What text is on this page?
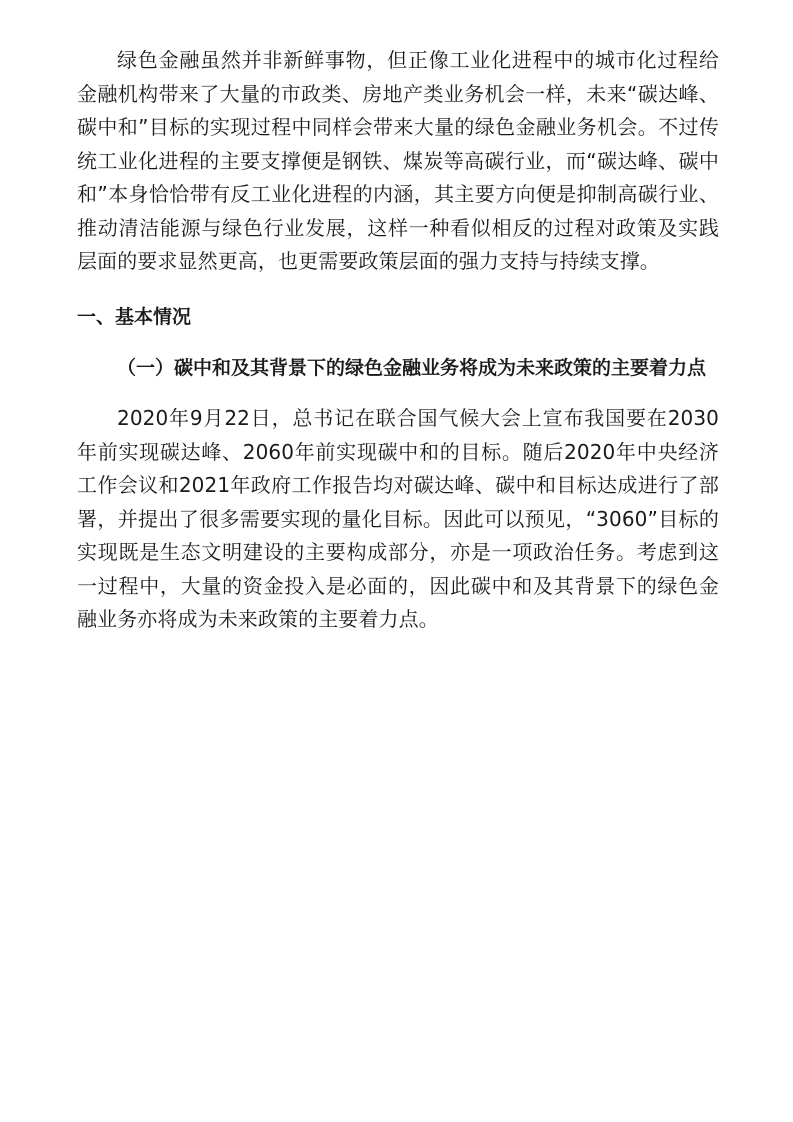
绿色金融虽然并非新鲜事物，但正像工业化进程中的城市化过程给金融机构带来了大量的市政类、房地产类业务机会一样，未来“碳达峰、碳中和”目标的实现过程中同样会带来大量的绿色金融业务机会。不过传统工业化进程的主要支撑便是钢铁、煤炭等高碳行业，而“碳达峰、碳中和”本身恰恰带有反工业化进程的内涵，其主要方向便是抑制高碳行业、推动清洁能源与绿色行业发展，这样一种看似相反的过程对政策及实践层面的要求显然更高，也更需要政策层面的强力支持与持续支撑。

一、基本情况
（一）碳中和及其背景下的绿色金融业务将成为未来政策的主要着力点

2020年9月22日，总书记在联合国气候大会上宣布我国要在2030年前实现碳达峰、2060年前实现碳中和的目标。随后2020年中央经济工作会议和2021年政府工作报告均对碳达峰、碳中和目标达成进行了部署，并提出了很多需要实现的量化目标。因此可以预见，“3060”目标的实现既是生态文明建设的主要构成部分，亦是一项政治任务。考虑到这一过程中，大量的资金投入是必面的，因此碳中和及其背景下的绿色金融业务亦将成为未来政策的主要着力点。
